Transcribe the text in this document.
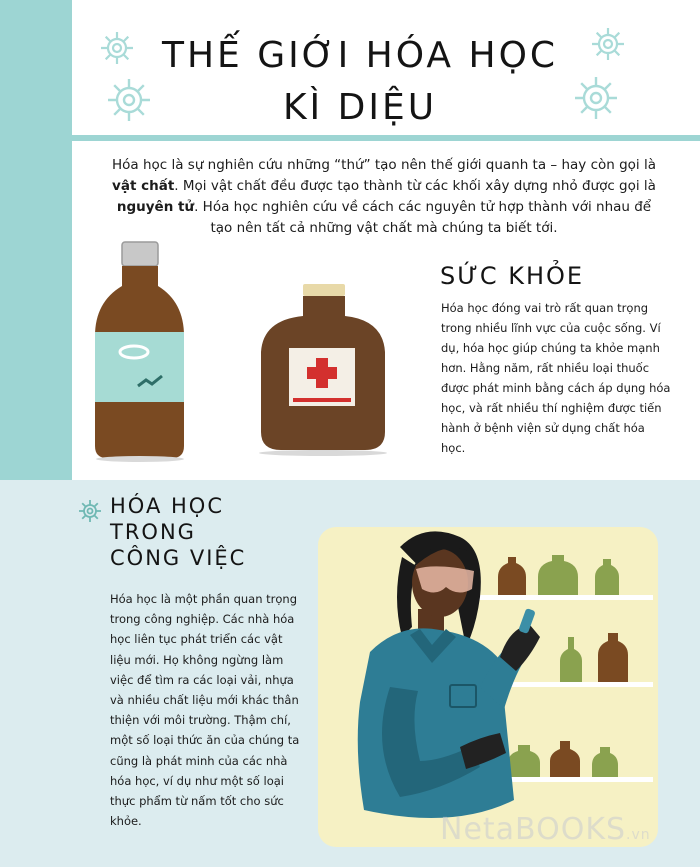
THẾ GIỚI HÓA HỌC
KÌ DIỆU
Hóa học là sự nghiên cứu những “thứ” tạo nên thế giới quanh ta – hay còn gọi là vật chất. Mọi vật chất đều được tạo thành từ các khối xây dựng nhỏ được gọi là nguyên tử. Hóa học nghiên cứu về cách các nguyên tử hợp thành với nhau để tạo nên tất cả những vật chất mà chúng ta biết tới.
SỨC KHỎE
Hóa học đóng vai trò rất quan trọng trong nhiều lĩnh vực của cuộc sống. Ví dụ, hóa học giúp chúng ta khỏe mạnh hơn. Hằng năm, rất nhiều loại thuốc được phát minh bằng cách áp dụng hóa học, và rất nhiều thí nghiệm được tiến hành ở bệnh viện sử dụng chất hóa học.
HÓA HỌC
TRONG
CÔNG VIỆC
Hóa học là một phần quan trọng trong công nghiệp. Các nhà hóa học liên tục phát triển các vật liệu mới. Họ không ngừng làm việc để tìm ra các loại vải, nhựa và nhiều chất liệu mới khác thân thiện với môi trường. Thậm chí, một số loại thức ăn của chúng ta cũng là phát minh của các nhà hóa học, ví dụ như một số loại thực phẩm từ nấm tốt cho sức khỏe.	NetaBOOKS.vn
